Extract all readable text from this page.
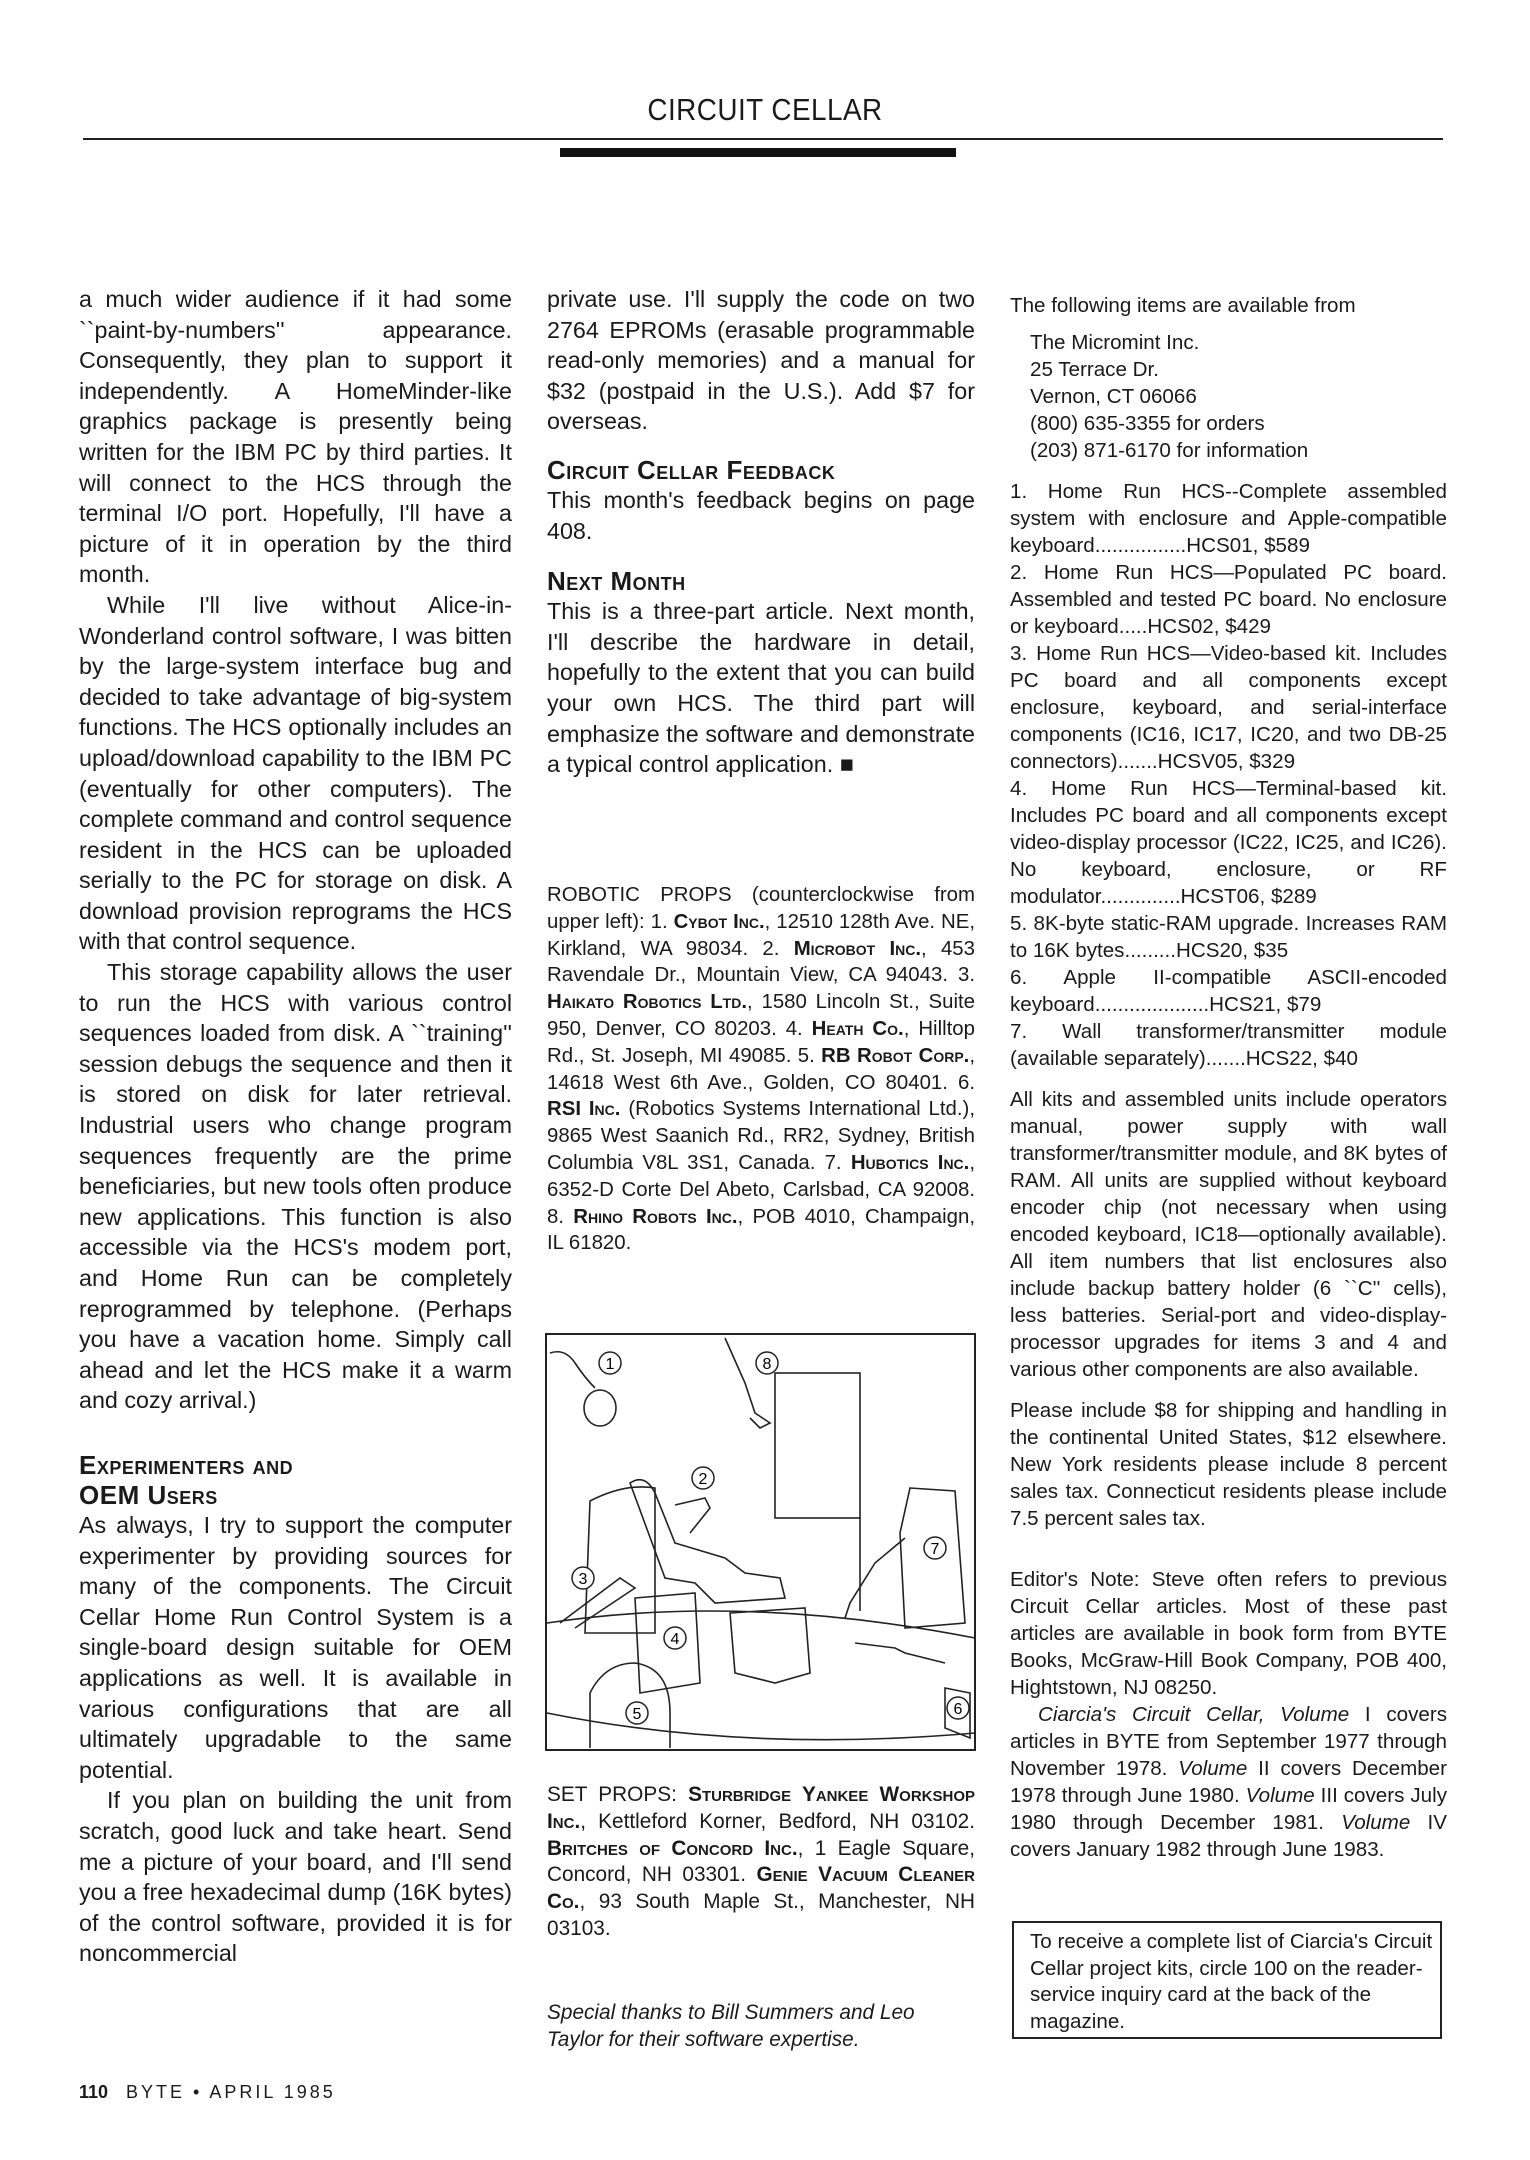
CIRCUIT CELLAR

a much wider audience if it had some ``paint-by-numbers'' appearance. Consequently, they plan to support it independently. A HomeMinder-like graphics package is presently being written for the IBM PC by third parties. It will connect to the HCS through the terminal I/O port. Hopefully, I'll have a picture of it in operation by the third month.

While I'll live without Alice-in-Wonderland control software, I was bitten by the large-system interface bug and decided to take advantage of big-system functions. The HCS optionally includes an upload/download capability to the IBM PC (eventually for other computers). The complete command and control sequence resident in the HCS can be uploaded serially to the PC for storage on disk. A download provision reprograms the HCS with that control sequence.

This storage capability allows the user to run the HCS with various control sequences loaded from disk. A ``training'' session debugs the sequence and then it is stored on disk for later retrieval. Industrial users who change program sequences frequently are the prime beneficiaries, but new tools often produce new applications. This function is also accessible via the HCS's modem port, and Home Run can be completely reprogrammed by telephone. (Perhaps you have a vacation home. Simply call ahead and let the HCS make it a warm and cozy arrival.)

Experimenters and
OEM Users

As always, I try to support the computer experimenter by providing sources for many of the components. The Circuit Cellar Home Run Control System is a single-board design suitable for OEM applications as well. It is available in various configurations that are all ultimately upgradable to the same potential.

If you plan on building the unit from scratch, good luck and take heart. Send me a picture of your board, and I'll send you a free hexadecimal dump (16K bytes) of the control software, provided it is for noncommercial

private use. I'll supply the code on two 2764 EPROMs (erasable programmable read-only memories) and a manual for $32 (postpaid in the U.S.). Add $7 for overseas.

Circuit Cellar Feedback

This month's feedback begins on page 408.

Next Month

This is a three-part article. Next month, I'll describe the hardware in detail, hopefully to the extent that you can build your own HCS. The third part will emphasize the software and demonstrate a typical control application. ■

ROBOTIC PROPS (counterclockwise from upper left): 1. Cybot Inc., 12510 128th Ave. NE, Kirkland, WA 98034. 2. Microbot Inc., 453 Ravendale Dr., Mountain View, CA 94043. 3. Haikato Robotics Ltd., 1580 Lincoln St., Suite 950, Denver, CO 80203. 4. Heath Co., Hilltop Rd., St. Joseph, MI 49085. 5. RB Robot Corp., 14618 West 6th Ave., Golden, CO 80401. 6. RSI Inc. (Robotics Systems International Ltd.), 9865 West Saanich Rd., RR2, Sydney, British Columbia V8L 3S1, Canada. 7. Hubotics Inc., 6352-D Corte Del Abeto, Carlsbad, CA 92008. 8. Rhino Robots Inc., POB 4010, Champaign, IL 61820.
1
2
3
4
5	6
7
8
SET PROPS: Sturbridge Yankee Workshop Inc., Kettleford Korner, Bedford, NH 03102. Britches of Concord Inc., 1 Eagle Square, Concord, NH 03301. Genie Vacuum Cleaner Co., 93 South Maple St., Manchester, NH 03103.
Special thanks to Bill Summers and Leo Taylor for their software expertise.

The following items are available from

The Micromint Inc.
25 Terrace Dr.
Vernon, CT 06066
(800) 635-3355 for orders
(203) 871-6170 for information

1. Home Run HCS--Complete assembled system with enclosure and Apple-compatible keyboard................HCS01, $589

2. Home Run HCS—Populated PC board. Assembled and tested PC board. No enclosure or keyboard.....HCS02, $429

3. Home Run HCS—Video-based kit. Includes PC board and all components except enclosure, keyboard, and serial-interface components (IC16, IC17, IC20, and two DB-25 connectors).......HCSV05, $329

4. Home Run HCS—Terminal-based kit. Includes PC board and all components except video-display processor (IC22, IC25, and IC26). No keyboard, enclosure, or RF modulator..............HCST06, $289

5. 8K-byte static-RAM upgrade. Increases RAM to 16K bytes.........HCS20, $35

6. Apple II-compatible ASCII-encoded keyboard....................HCS21, $79

7. Wall transformer/transmitter module (available separately).......HCS22, $40

All kits and assembled units include operators manual, power supply with wall transformer/transmitter module, and 8K bytes of RAM. All units are supplied without keyboard encoder chip (not necessary when using encoded keyboard, IC18—optionally available). All item numbers that list enclosures also include backup battery holder (6 ``C'' cells), less batteries. Serial-port and video-display-processor upgrades for items 3 and 4 and various other components are also available.

Please include $8 for shipping and handling in the continental United States, $12 elsewhere. New York residents please include 8 percent sales tax. Connecticut residents please include 7.5 percent sales tax.

Editor's Note: Steve often refers to previous Circuit Cellar articles. Most of these past articles are available in book form from BYTE Books, McGraw-Hill Book Company, POB 400, Hightstown, NJ 08250.

Ciarcia's Circuit Cellar, Volume I covers articles in BYTE from September 1977 through November 1978. Volume II covers December 1978 through June 1980. Volume III covers July 1980 through December 1981. Volume IV covers January 1982 through June 1983.

To receive a complete list of Ciarcia's Circuit Cellar project kits, circle 100 on the reader-service inquiry card at the back of the magazine.
110 BYTE • APRIL 1985
